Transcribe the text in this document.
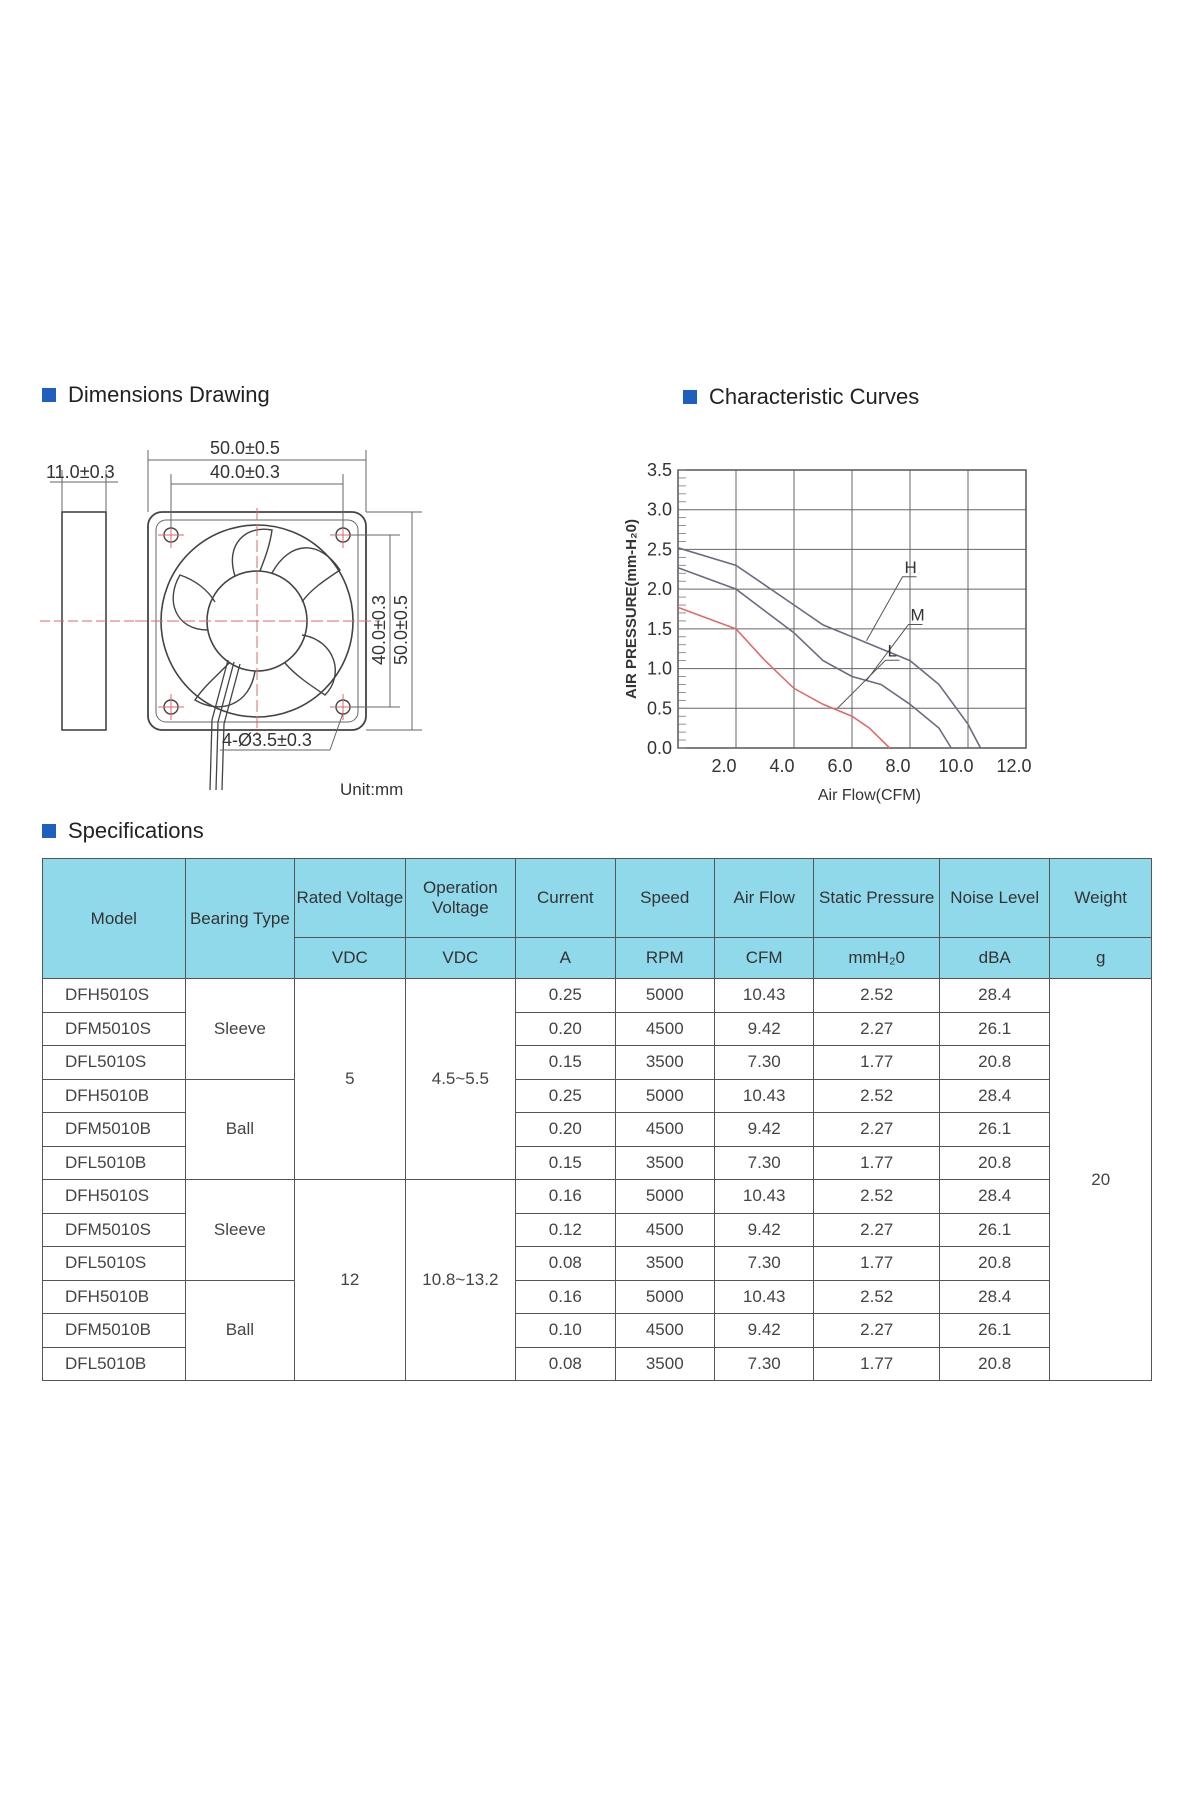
Dimensions Drawing	Characteristic Curves
Specifications
11.0±0.3
50.0±0.5
40.0±0.3
40.0±0.3 50.0±0.5
4-Ø3.5±0.3
Unit:mm
H
M
L
0.0
0.5
1.0
1.5
2.0
2.5
3.0
3.5
2.0 4.0 6.0 8.0 10.0 12.0
Air Flow(CFM)
AIR PRESSURE(mm-H₂0)
Model	Bearing Type	Rated Voltage	Operation Voltage	Current	Speed	Air Flow	Static Pressure	Noise Level	Weight
		VDC	VDC	A	RPM	CFM	mmH₂0	dBA	g
DFH5010S	Sleeve	5	4.5~5.5	0.25	5000	10.43	2.52	28.4	20
DFM5010S				0.20	4500	9.42	2.27	26.1	
DFL5010S				0.15	3500	7.30	1.77	20.8	
DFH5010B	Ball			0.25	5000	10.43	2.52	28.4	
DFM5010B				0.20	4500	9.42	2.27	26.1	
DFL5010B				0.15	3500	7.30	1.77	20.8	
DFH5010S	Sleeve	12	10.8~13.2	0.16	5000	10.43	2.52	28.4	
DFM5010S				0.12	4500	9.42	2.27	26.1	
DFL5010S				0.08	3500	7.30	1.77	20.8	
DFH5010B	Ball			0.16	5000	10.43	2.52	28.4	
DFM5010B				0.10	4500	9.42	2.27	26.1	
DFL5010B				0.08	3500	7.30	1.77	20.8	
